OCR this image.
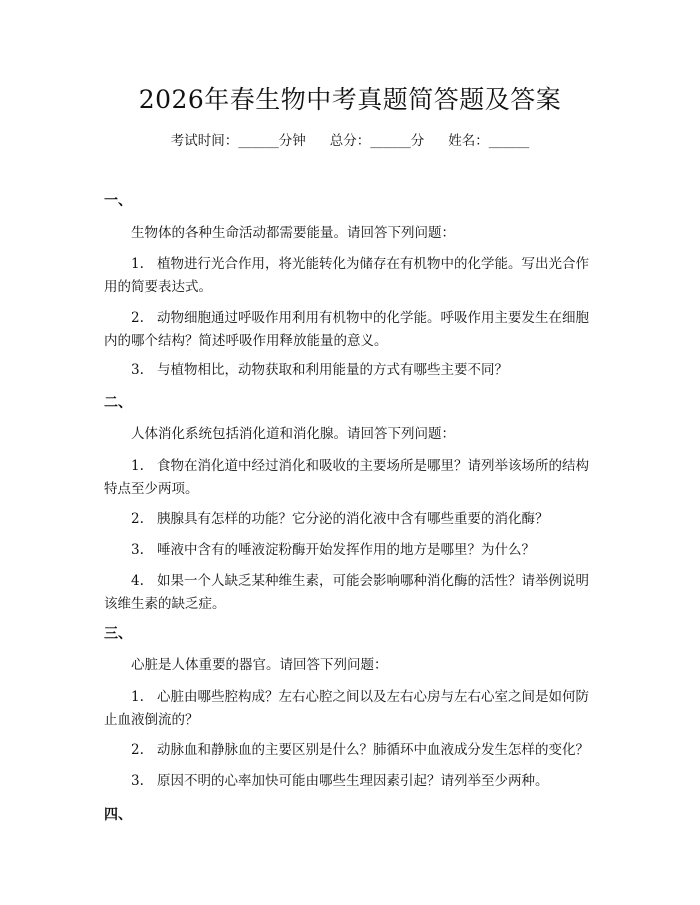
2026年春生物中考真题简答题及答案
考试时间：______分钟 总分：______分 姓名：______
一、
生物体的各种生命活动都需要能量。请回答下列问题：
1. 植物进行光合作用，将光能转化为储存在有机物中的化学能。写出光合作用的简要表达式。
2. 动物细胞通过呼吸作用利用有机物中的化学能。呼吸作用主要发生在细胞内的哪个结构？简述呼吸作用释放能量的意义。
3. 与植物相比，动物获取和利用能量的方式有哪些主要不同？
二、
人体消化系统包括消化道和消化腺。请回答下列问题：
1. 食物在消化道中经过消化和吸收的主要场所是哪里？请列举该场所的结构特点至少两项。
2. 胰腺具有怎样的功能？它分泌的消化液中含有哪些重要的消化酶？
3. 唾液中含有的唾液淀粉酶开始发挥作用的地方是哪里？为什么？
4. 如果一个人缺乏某种维生素，可能会影响哪种消化酶的活性？请举例说明该维生素的缺乏症。
三、
心脏是人体重要的器官。请回答下列问题：
1. 心脏由哪些腔构成？左右心腔之间以及左右心房与左右心室之间是如何防止血液倒流的？
2. 动脉血和静脉血的主要区别是什么？肺循环中血液成分发生怎样的变化？
3. 原因不明的心率加快可能由哪些生理因素引起？请列举至少两种。
四、
